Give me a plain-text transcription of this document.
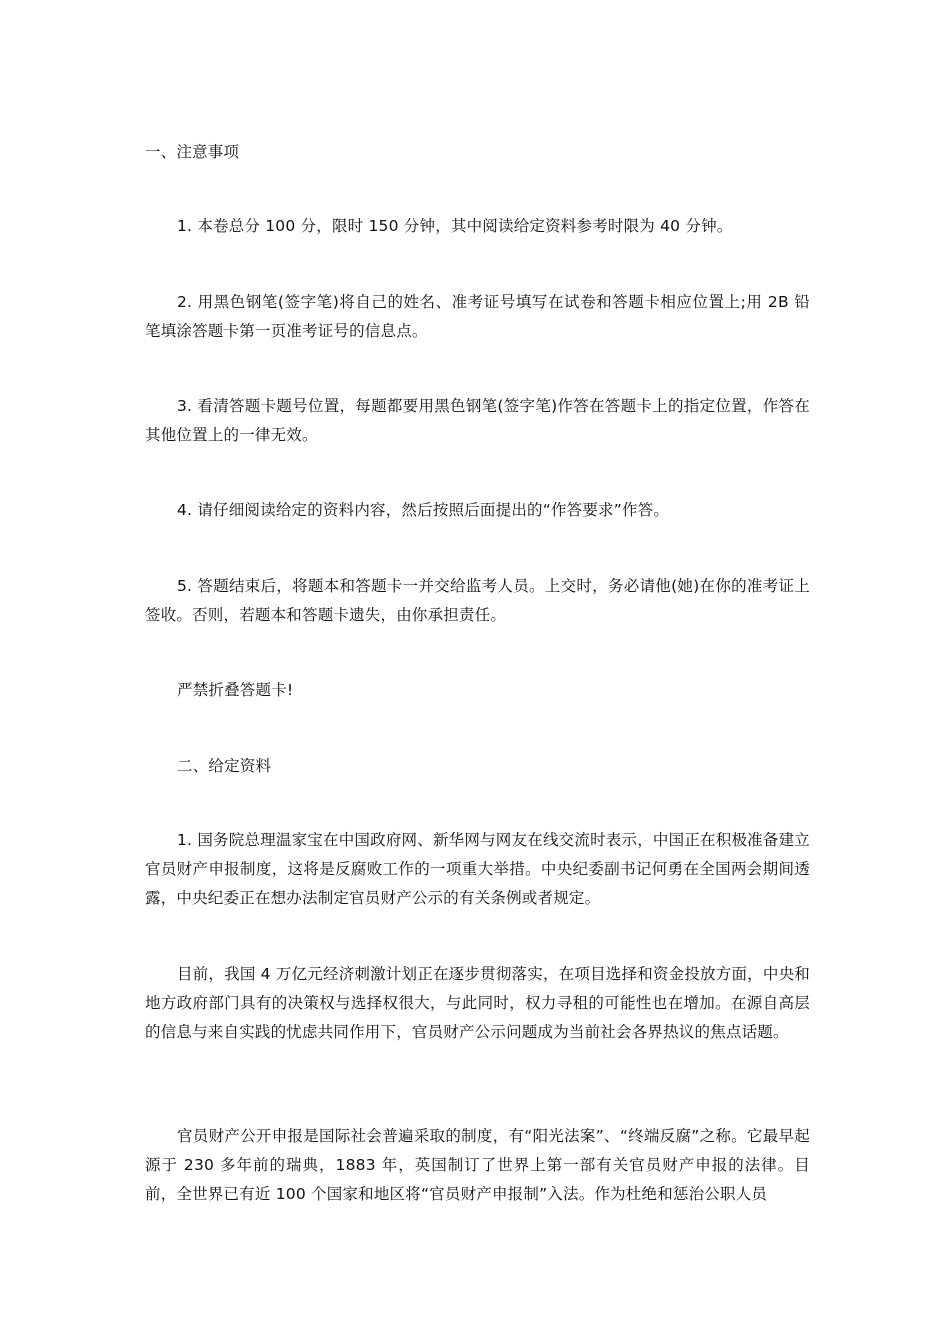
一、注意事项

1. 本卷总分 100 分，限时 150 分钟，其中阅读给定资料参考时限为 40 分钟。

2. 用黑色钢笔(签字笔)将自己的姓名、准考证号填写在试卷和答题卡相应位置上;用 2B 铅笔填涂答题卡第一页准考证号的信息点。

3. 看清答题卡题号位置，每题都要用黑色钢笔(签字笔)作答在答题卡上的指定位置，作答在其他位置上的一律无效。

4. 请仔细阅读给定的资料内容，然后按照后面提出的“作答要求”作答。

5. 答题结束后，将题本和答题卡一并交给监考人员。上交时，务必请他(她)在你的准考证上签收。否则，若题本和答题卡遗失，由你承担责任。

严禁折叠答题卡!

二、给定资料

1. 国务院总理温家宝在中国政府网、新华网与网友在线交流时表示，中国正在积极准备建立官员财产申报制度，这将是反腐败工作的一项重大举措。中央纪委副书记何勇在全国两会期间透露，中央纪委正在想办法制定官员财产公示的有关条例或者规定。

目前，我国 4 万亿元经济刺激计划正在逐步贯彻落实，在项目选择和资金投放方面，中央和地方政府部门具有的决策权与选择权很大，与此同时，权力寻租的可能性也在增加。在源自高层的信息与来自实践的忧虑共同作用下，官员财产公示问题成为当前社会各界热议的焦点话题。

官员财产公开申报是国际社会普遍采取的制度，有“阳光法案”、“终端反腐”之称。它最早起源于 230 多年前的瑞典，1883 年，英国制订了世界上第一部有关官员财产申报的法律。目前，全世界已有近 100 个国家和地区将“官员财产申报制”入法。作为杜绝和惩治公职人员
